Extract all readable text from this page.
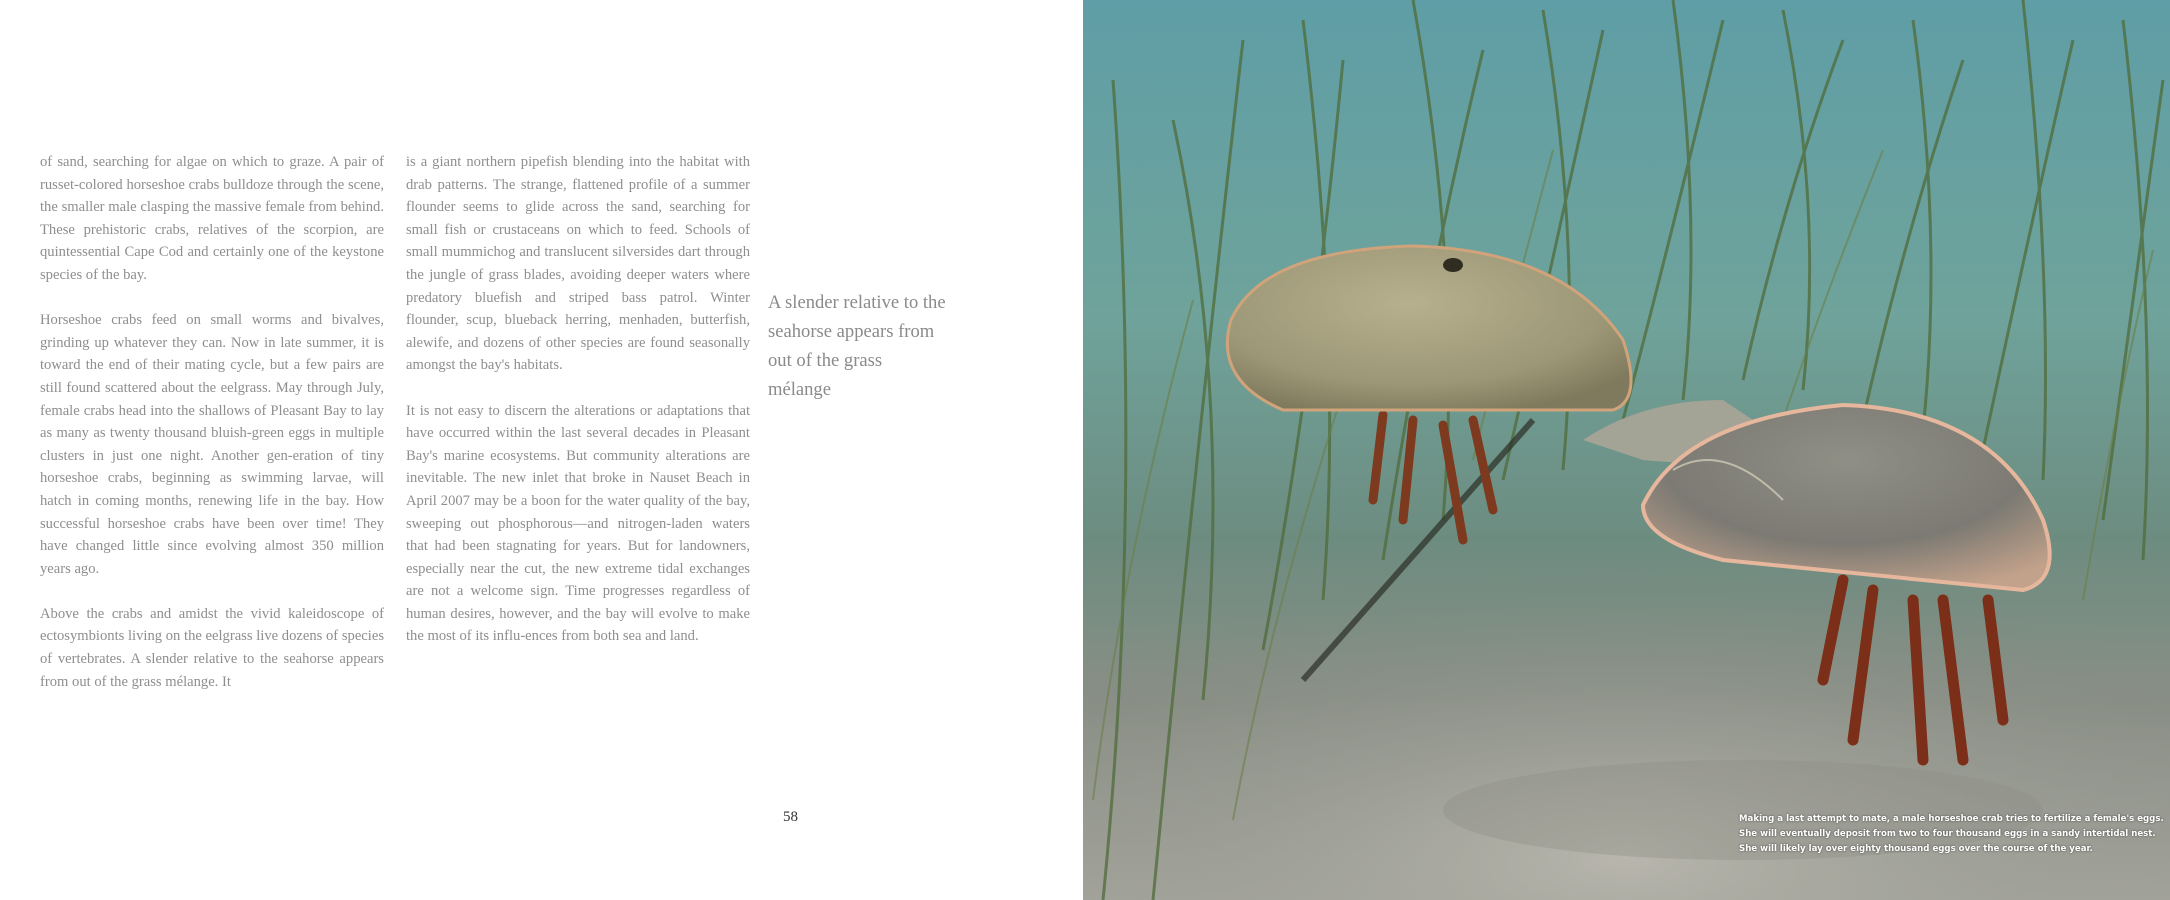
of sand, searching for algae on which to graze. A pair of russet-colored horseshoe crabs bulldoze through the scene, the smaller male clasping the massive female from behind. These prehistoric crabs, relatives of the scorpion, are quintessential Cape Cod and certainly one of the keystone species of the bay.

Horseshoe crabs feed on small worms and bivalves, grinding up whatever they can. Now in late summer, it is toward the end of their mating cycle, but a few pairs are still found scattered about the eelgrass. May through July, female crabs head into the shallows of Pleasant Bay to lay as many as twenty thousand bluish-green eggs in multiple clusters in just one night. Another gen-eration of tiny horseshoe crabs, beginning as swimming larvae, will hatch in coming months, renewing life in the bay. How successful horseshoe crabs have been over time! They have changed little since evolving almost 350 million years ago.

Above the crabs and amidst the vivid kaleidoscope of ectosymbionts living on the eelgrass live dozens of species of vertebrates. A slender relative to the seahorse appears from out of the grass mélange. It

is a giant northern pipefish blending into the habitat with drab patterns. The strange, flattened profile of a summer flounder seems to glide across the sand, searching for small fish or crustaceans on which to feed. Schools of small mummichog and translucent silversides dart through the jungle of grass blades, avoiding deeper waters where predatory bluefish and striped bass patrol. Winter flounder, scup, blueback herring, menhaden, butterfish, alewife, and dozens of other species are found seasonally amongst the bay's habitats.

It is not easy to discern the alterations or adaptations that have occurred within the last several decades in Pleasant Bay's marine ecosystems. But community alterations are inevitable. The new inlet that broke in Nauset Beach in April 2007 may be a boon for the water quality of the bay, sweeping out phosphorous—and nitrogen-laden waters that had been stagnating for years. But for landowners, especially near the cut, the new extreme tidal exchanges are not a welcome sign. Time progresses regardless of human desires, however, and the bay will evolve to make the most of its influ-ences from both sea and land.

A slender relative to the seahorse appears from out of the grass mélange
58	Making a last attempt to mate, a male horseshoe crab tries to fertilize a female's eggs.
She will eventually deposit from two to four thousand eggs in a sandy intertidal nest.
She will likely lay over eighty thousand eggs over the course of the year.
